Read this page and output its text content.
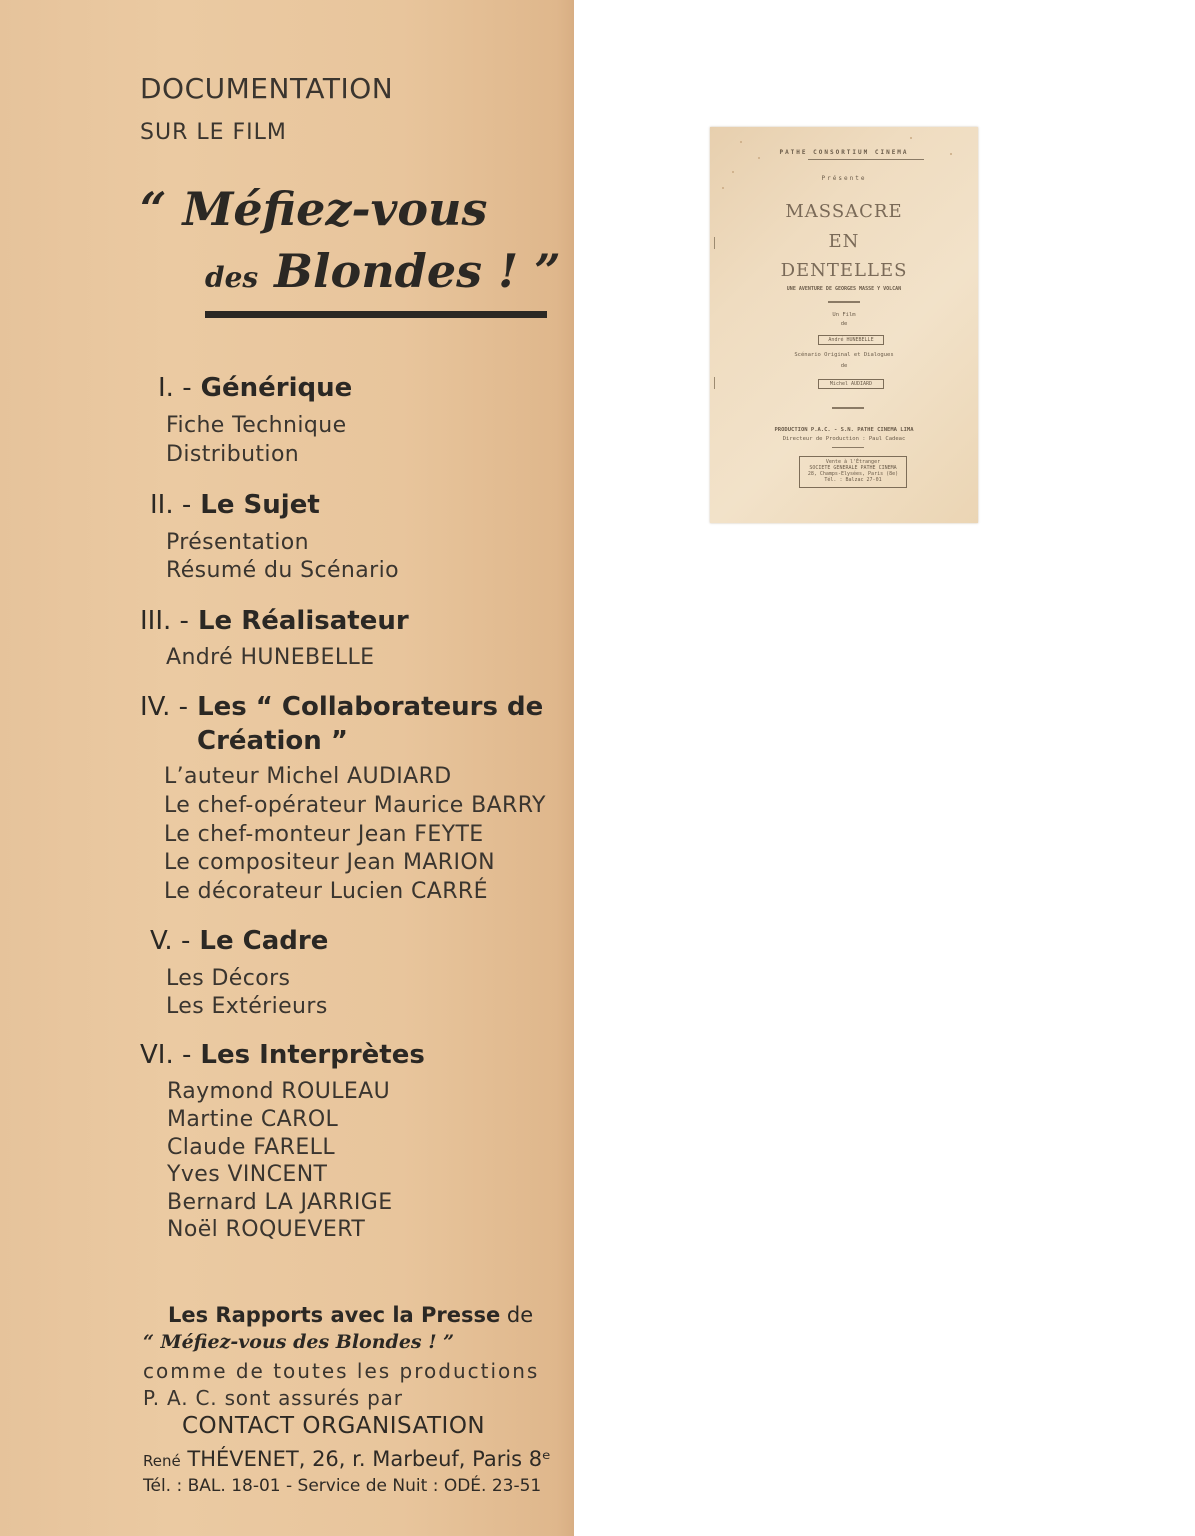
DOCUMENTATION
SUR LE FILM
“ Méfiez-vous
des Blondes ! ”
I. - Générique
Fiche Technique
Distribution
II. - Le Sujet
Présentation
Résumé du Scénario
III. - Le Réalisateur
André HUNEBELLE
IV. - Les “ Collaborateurs de
Création ”
L’auteur Michel AUDIARD
Le chef-opérateur Maurice BARRY
Le chef-monteur Jean FEYTE
Le compositeur Jean MARION
Le décorateur Lucien CARRÉ
V. - Le Cadre
Les Décors
Les Extérieurs
VI. - Les Interprètes
Raymond ROULEAU
Martine CAROL
Claude FARELL
Yves VINCENT
Bernard LA JARRIGE
Noël ROQUEVERT
Les Rapports avec la Presse de
“ Méfiez-vous des Blondes ! ”
comme de toutes les productions
P. A. C. sont assurés par
CONTACT ORGANISATION
René THÉVENET, 26, r. Marbeuf, Paris 8ᵉ
Tél. : BAL. 18-01 - Service de Nuit : ODÉ. 23-51
PATHE CONSORTIUM CINEMA
Présente
MASSACRE
EN
DENTELLES
UNE AVENTURE DE GEORGES MASSE Y VOLCAN
Un Film
de
André HUNEBELLE
Scénario Original et Dialogues
de
Michel AUDIARD
PRODUCTION P.A.C. - S.N. PATHE CINEMA LIMA
Directeur de Production : Paul Cadeac
Vente à l'Étranger
SOCIETE GENERALE PATHE CINEMA
28, Champs-Elysées, Paris (8e)
Tél. : Balzac 27-01
